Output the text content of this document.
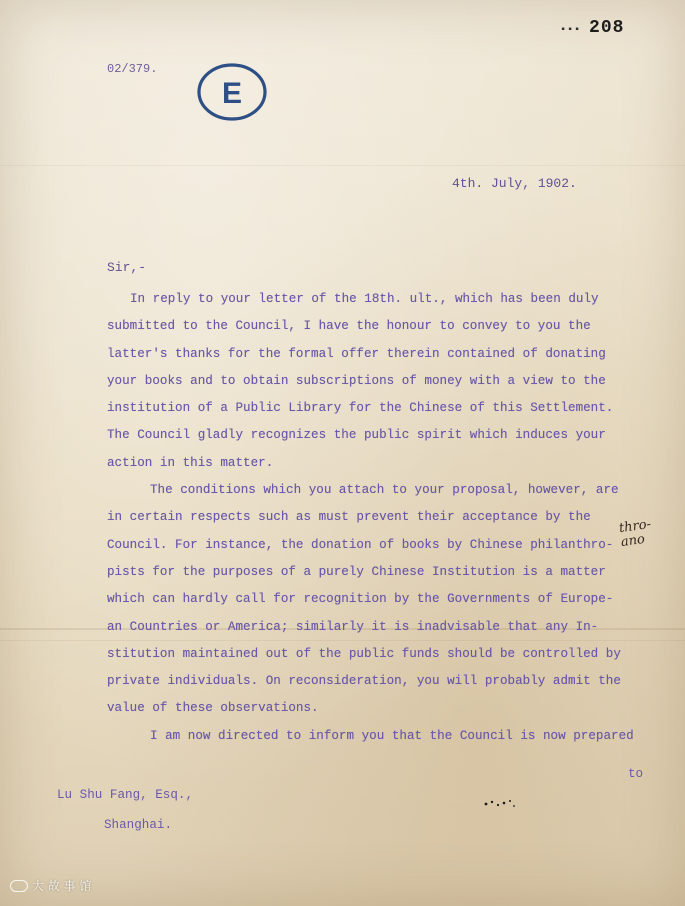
▪▪▪ 208
02/379.
E
4th. July, 1902.
Sir,-
In reply to your letter of the 18th. ult., which has been duly
submitted to the Council, I have the honour to convey to you the
latter's thanks for the formal offer therein contained of donating
your books and to obtain subscriptions of money with a view to the
institution of a Public Library for the Chinese of this Settlement.
The Council gladly recognizes the public spirit which induces your
action in this matter.
The conditions which you attach to your proposal, however, are
in certain respects such as must prevent their acceptance by the
Council. For instance, the donation of books by Chinese philanthro-
pists for the purposes of a purely Chinese Institution is a matter
which can hardly call for recognition by the Governments of Europe-
an Countries or America; similarly it is inadvisable that any In-
stitution maintained out of the public funds should be controlled by
private individuals. On reconsideration, you will probably admit the
value of these observations.
I am now directed to inform you that the Council is now prepared
thro-
ano
to
Lu Shu Fang, Esq.,
Shanghai.
大 故 事 馆
